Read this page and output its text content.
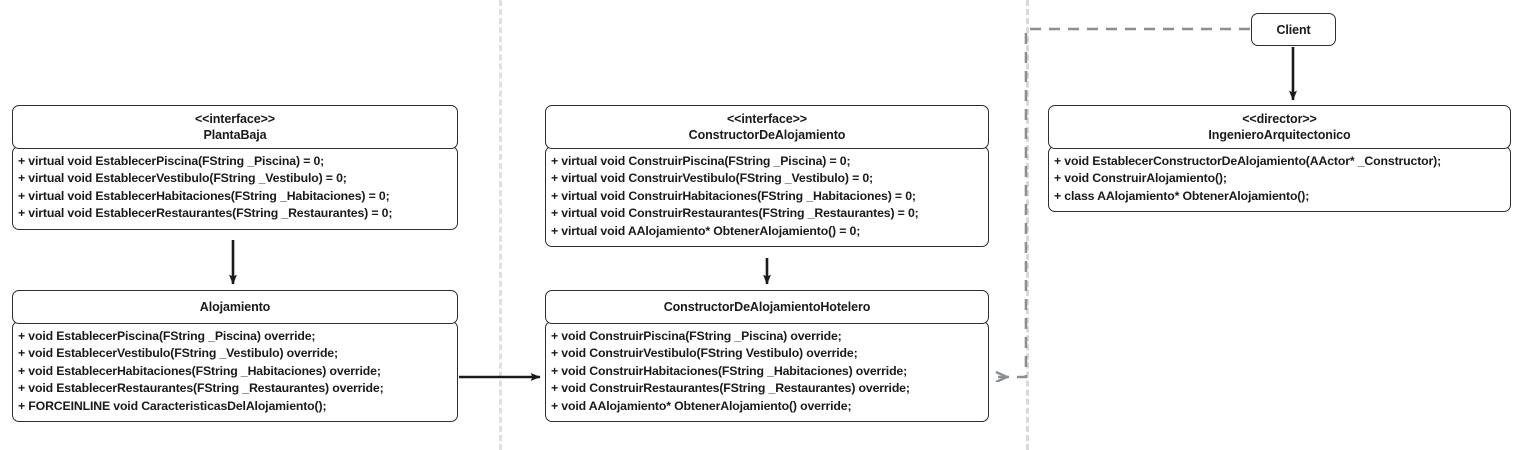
<<interface>>
PlantaBaja
+ virtual void EstablecerPiscina(FString _Piscina) = 0;
+ virtual void EstablecerVestibulo(FString _Vestibulo) = 0;
+ virtual void EstablecerHabitaciones(FString _Habitaciones) = 0;
+ virtual void EstablecerRestaurantes(FString _Restaurantes) = 0;
Alojamiento
+ void EstablecerPiscina(FString _Piscina) override;
+ void EstablecerVestibulo(FString _Vestibulo) override;
+ void EstablecerHabitaciones(FString _Habitaciones) override;
+ void EstablecerRestaurantes(FString _Restaurantes) override;
+ FORCEINLINE void CaracteristicasDelAlojamiento();
<<interface>>
ConstructorDeAlojamiento
+ virtual void ConstruirPiscina(FString _Piscina) = 0;
+ virtual void ConstruirVestibulo(FString _Vestibulo) = 0;
+ virtual void ConstruirHabitaciones(FString _Habitaciones) = 0;
+ virtual void ConstruirRestaurantes(FString _Restaurantes) = 0;
+ virtual void AAlojamiento* ObtenerAlojamiento() = 0;
ConstructorDeAlojamientoHotelero
+ void ConstruirPiscina(FString _Piscina) override;
+ void ConstruirVestibulo(FString Vestibulo) override;
+ void ConstruirHabitaciones(FString _Habitaciones) override;
+ void ConstruirRestaurantes(FString _Restaurantes) override;
+ void AAlojamiento* ObtenerAlojamiento() override;
<<director>>
IngenieroArquitectonico
+ void EstablecerConstructorDeAlojamiento(AActor* _Constructor);
+ void ConstruirAlojamiento();
+ class AAlojamiento* ObtenerAlojamiento();
Client
